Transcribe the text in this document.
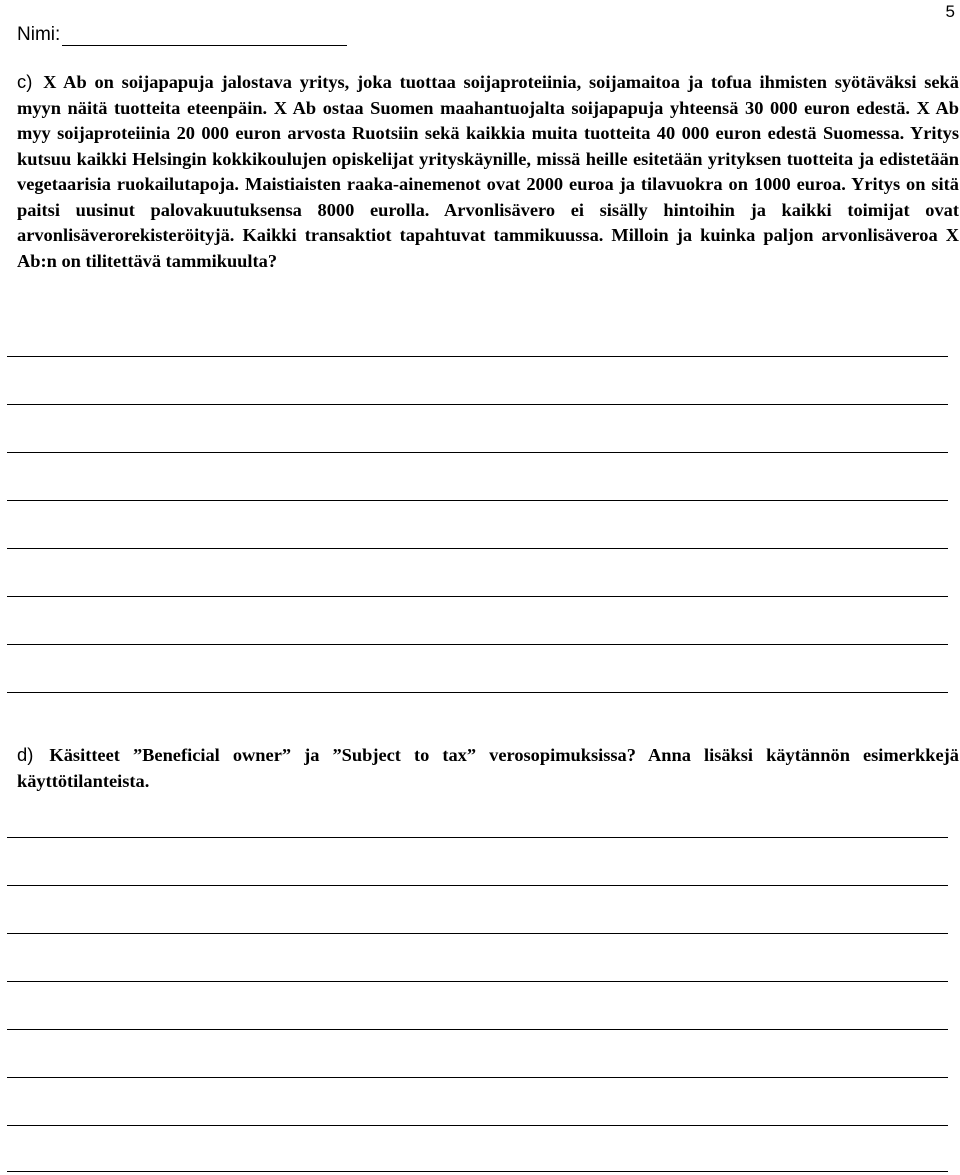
5
Nimi:
c) X Ab on soijapapuja jalostava yritys, joka tuottaa soijaproteiinia, soijamaitoa ja tofua ihmisten syötäväksi sekä myyn näitä tuotteita eteenpäin. X Ab ostaa Suomen maahantuojalta soijapapuja yhteensä 30 000 euron edestä. X Ab myy soijaproteiinia 20 000 euron arvosta Ruotsiin sekä kaikkia muita tuotteita 40 000 euron edestä Suomessa. Yritys kutsuu kaikki Helsingin kokkikoulujen opiskelijat yrityskäynille, missä heille esitetään yrityksen tuotteita ja edistetään vegetaarisia ruokailutapoja. Maistiaisten raaka-ainemenot ovat 2000 euroa ja tilavuokra on 1000 euroa. Yritys on sitä paitsi uusinut palovakuutuksensa 8000 eurolla. Arvonlisävero ei sisälly hintoihin ja kaikki toimijat ovat arvonlisäverorekisteröityjä. Kaikki transaktiot tapahtuvat tammikuussa. Milloin ja kuinka paljon arvonlisäveroa X Ab:n on tilitettävä tammikuulta?
d) Käsitteet ”Beneficial owner” ja ”Subject to tax” verosopimuksissa? Anna lisäksi käytännön esimerkkejä käyttötilanteista.
